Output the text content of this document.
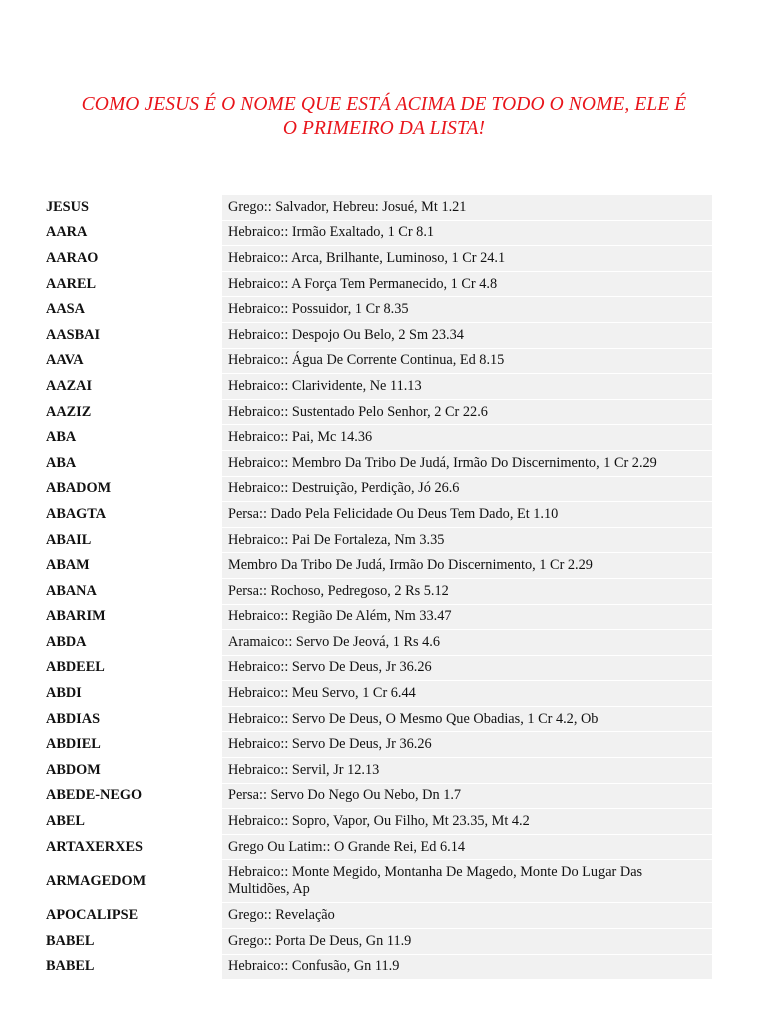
COMO JESUS É O NOME QUE ESTÁ ACIMA DE TODO O NOME, ELE É
O PRIMEIRO DA LISTA!
JESUS	Grego:: Salvador, Hebreu: Josué, Mt 1.21
AARA	Hebraico:: Irmão Exaltado, 1 Cr 8.1
AARAO	Hebraico:: Arca, Brilhante, Luminoso, 1 Cr 24.1
AAREL	Hebraico:: A Força Tem Permanecido, 1 Cr 4.8
AASA	Hebraico:: Possuidor, 1 Cr 8.35
AASBAI	Hebraico:: Despojo Ou Belo, 2 Sm 23.34
AAVA	Hebraico:: Água De Corrente Continua, Ed 8.15
AAZAI	Hebraico:: Clarividente, Ne 11.13
AAZIZ	Hebraico:: Sustentado Pelo Senhor, 2 Cr 22.6
ABA	Hebraico:: Pai, Mc 14.36
ABA	Hebraico:: Membro Da Tribo De Judá, Irmão Do Discernimento, 1 Cr 2.29
ABADOM	Hebraico:: Destruição, Perdição, Jó 26.6
ABAGTA	Persa:: Dado Pela Felicidade Ou Deus Tem Dado, Et 1.10
ABAIL	Hebraico:: Pai De Fortaleza, Nm 3.35
ABAM	Membro Da Tribo De Judá, Irmão Do Discernimento, 1 Cr 2.29
ABANA	Persa:: Rochoso, Pedregoso, 2 Rs 5.12
ABARIM	Hebraico:: Região De Além, Nm 33.47
ABDA	Aramaico:: Servo De Jeová, 1 Rs 4.6
ABDEEL	Hebraico:: Servo De Deus, Jr 36.26
ABDI	Hebraico:: Meu Servo, 1 Cr 6.44
ABDIAS	Hebraico:: Servo De Deus, O Mesmo Que Obadias, 1 Cr 4.2, Ob
ABDIEL	Hebraico:: Servo De Deus, Jr 36.26
ABDOM	Hebraico:: Servil, Jr 12.13
ABEDE-NEGO	Persa:: Servo Do Nego Ou Nebo, Dn 1.7
ABEL	Hebraico:: Sopro, Vapor, Ou Filho, Mt 23.35, Mt 4.2
ARTAXERXES	Grego Ou Latim:: O Grande Rei, Ed 6.14
ARMAGEDOM	Hebraico:: Monte Megido, Montanha De Magedo, Monte Do Lugar Das Multidões, Ap
APOCALIPSE	Grego:: Revelação
BABEL	Grego:: Porta De Deus, Gn 11.9
BABEL	Hebraico:: Confusão, Gn 11.9
